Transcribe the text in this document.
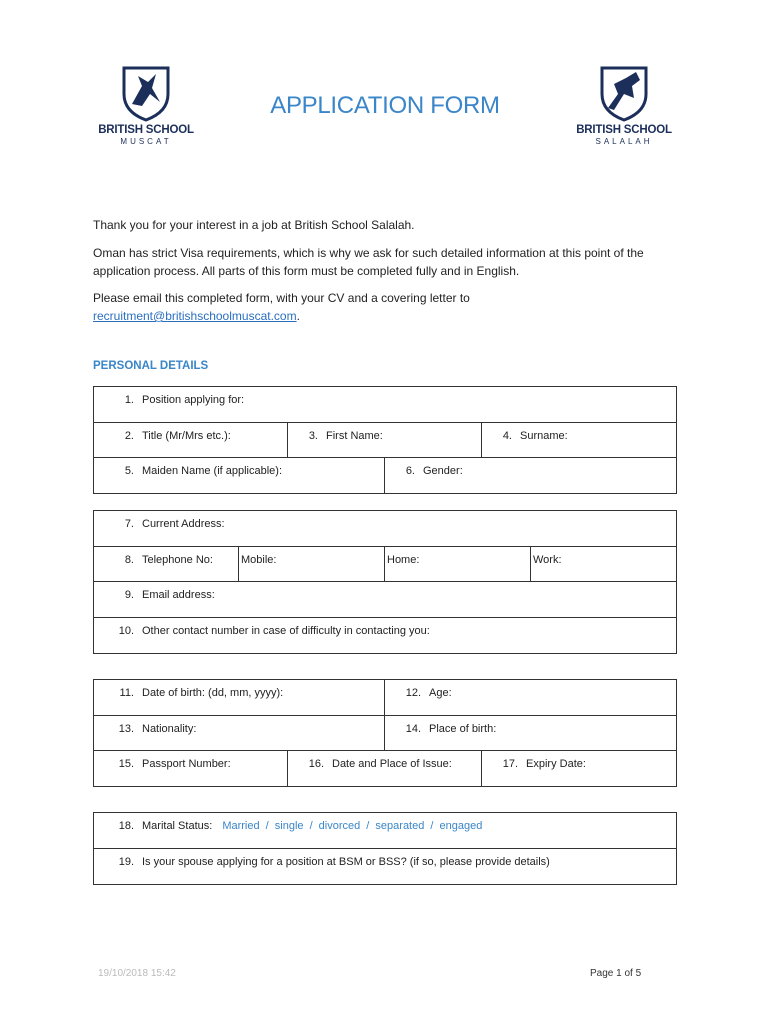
BRITISH SCHOOL
MUSCAT
BRITISH SCHOOL
SALALAH
APPLICATION FORM
Thank you for your interest in a job at British School Salalah.
Oman has strict Visa requirements, which is why we ask for such detailed information at this point of the application process. All parts of this form must be completed fully and in English.
Please email this completed form, with your CV and a covering letter to
recruitment@britishschoolmuscat.com.
PERSONAL DETAILS
1. Position applying for:			
2. Title (Mr/Mrs etc.):	3. First Name:		4. Surname:
5. Maiden Name (if applicable):		6. Gender:	
7. Current Address:
8. Telephone No:	Mobile:	Home:	Work:
9. Email address:
10. Other contact number in case of difficulty in contacting you:
11. Date of birth: (dd, mm, yyyy):		12. Age:	
13. Nationality:		14. Place of birth:	
15. Passport Number:	16. Date and Place of Issue:		17. Expiry Date:
18. Marital Status: Married / single / divorced / separated / engaged
19. Is your spouse applying for a position at BSM or BSS? (if so, please provide details)
19/10/2018 15:42	Page 1 of 5
